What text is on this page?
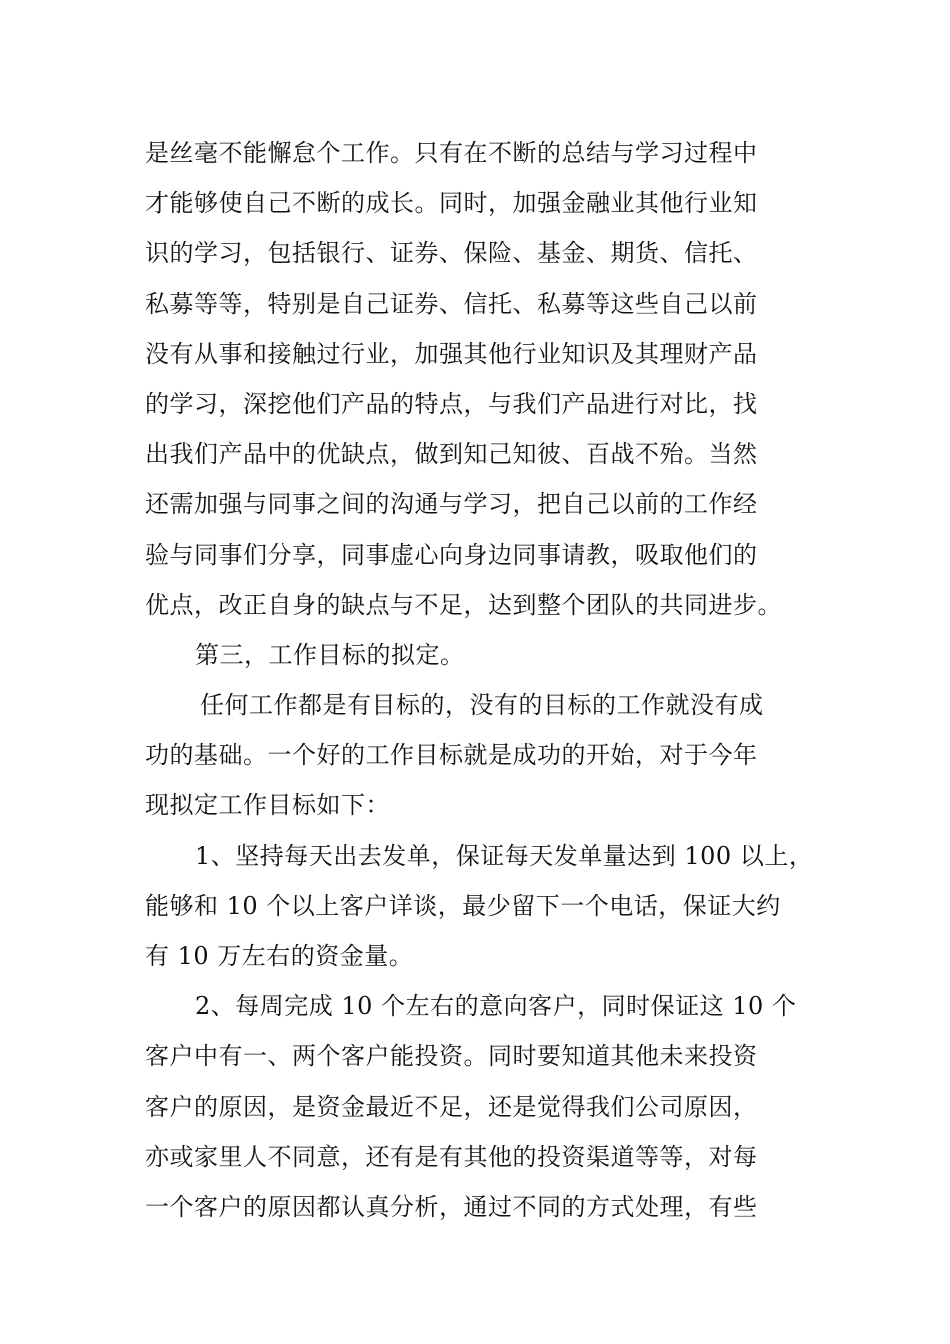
是丝毫不能懈怠个工作。只有在不断的总结与学习过程中
才能够使自己不断的成长。同时，加强金融业其他行业知
识的学习，包括银行、证券、保险、基金、期货、信托、
私募等等，特别是自己证券、信托、私募等这些自己以前
没有从事和接触过行业，加强其他行业知识及其理财产品
的学习，深挖他们产品的特点，与我们产品进行对比，找
出我们产品中的优缺点，做到知己知彼、百战不殆。当然
还需加强与同事之间的沟通与学习，把自己以前的工作经
验与同事们分享，同事虚心向身边同事请教，吸取他们的
优点，改正自身的缺点与不足，达到整个团队的共同进步。
第三，工作目标的拟定。
任何工作都是有目标的，没有的目标的工作就没有成
功的基础。一个好的工作目标就是成功的开始，对于今年
现拟定工作目标如下：
1、坚持每天出去发单，保证每天发单量达到 100 以上，
能够和 10 个以上客户详谈，最少留下一个电话，保证大约
有 10 万左右的资金量。
2、每周完成 10 个左右的意向客户，同时保证这 10 个
客户中有一、两个客户能投资。同时要知道其他未来投资
客户的原因，是资金最近不足，还是觉得我们公司原因，
亦或家里人不同意，还有是有其他的投资渠道等等，对每
一个客户的原因都认真分析，通过不同的方式处理，有些
